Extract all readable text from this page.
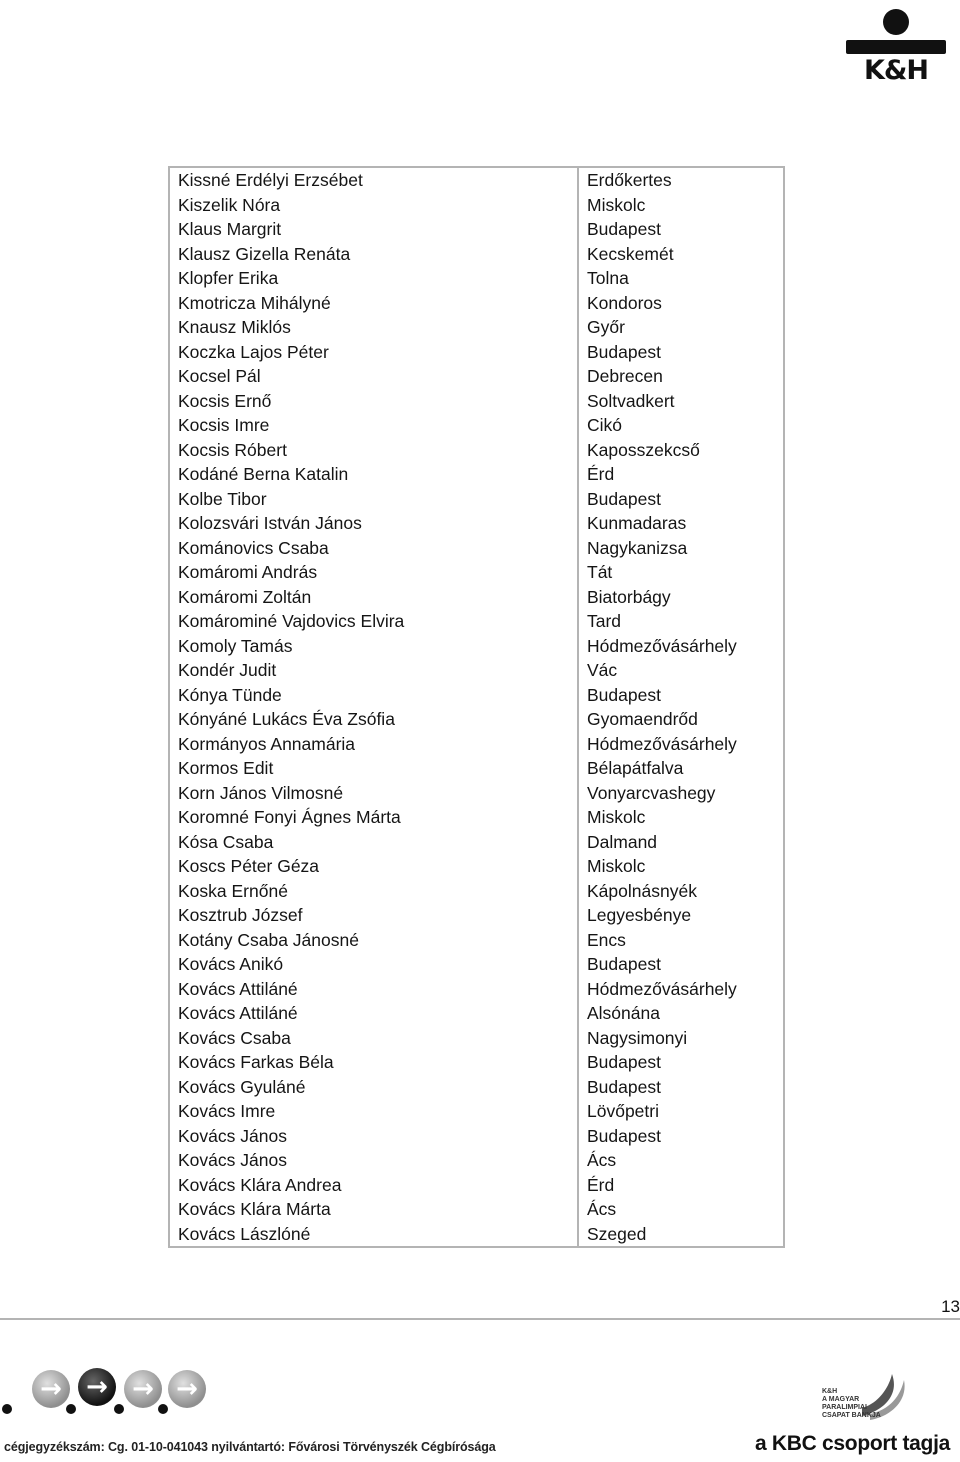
K&H
Kissné Erdélyi Erzsébet	Erdőkertes
Kiszelik Nóra	Miskolc
Klaus Margrit	Budapest
Klausz Gizella Renáta	Kecskemét
Klopfer Erika	Tolna
Kmotricza Mihályné	Kondoros
Knausz Miklós	Győr
Koczka Lajos Péter	Budapest
Kocsel Pál	Debrecen
Kocsis Ernő	Soltvadkert
Kocsis Imre	Cikó
Kocsis Róbert	Kaposszekcső
Kodáné Berna Katalin	Érd
Kolbe Tibor	Budapest
Kolozsvári István János	Kunmadaras
Kománovics Csaba	Nagykanizsa
Komáromi András	Tát
Komáromi Zoltán	Biatorbágy
Komárominé Vajdovics Elvira	Tard
Komoly Tamás	Hódmezővásárhely
Kondér Judit	Vác
Kónya Tünde	Budapest
Kónyáné Lukács Éva Zsófia	Gyomaendrőd
Kormányos Annamária	Hódmezővásárhely
Kormos Edit	Bélapátfalva
Korn János Vilmosné	Vonyarcvashegy
Koromné Fonyi Ágnes Márta	Miskolc
Kósa Csaba	Dalmand
Koscs Péter Géza	Miskolc
Koska Ernőné	Kápolnásnyék
Kosztrub József	Legyesbénye
Kotány Csaba Jánosné	Encs
Kovács Anikó	Budapest
Kovács Attiláné	Hódmezővásárhely
Kovács Attiláné	Alsónána
Kovács Csaba	Nagysimonyi
Kovács Farkas Béla	Budapest
Kovács Gyuláné	Budapest
Kovács Imre	Lövőpetri
Kovács János	Budapest
Kovács János	Ács
Kovács Klára Andrea	Érd
Kovács Klára Márta	Ács
Kovács Lászlóné	Szeged
13
→ → → →
cégjegyzékszám: Cg. 01-10-041043 nyilvántartó: Fővárosi Törvényszék Cégbírósága
K&H
A MAGYAR
PARALIMPIAI
CSAPAT BANKJA
a KBC csoport tagja
